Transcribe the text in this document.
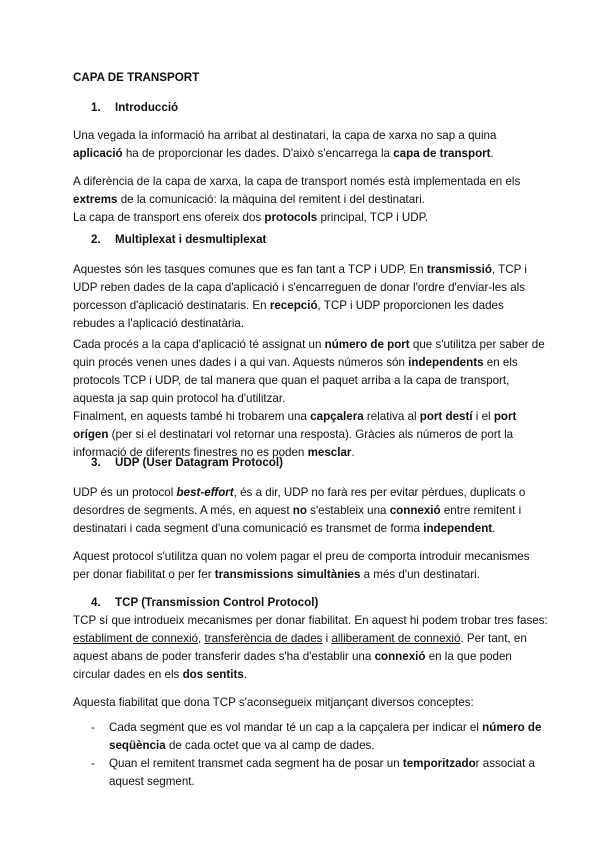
CAPA DE TRANSPORT
1. Introducció
Una vegada la informació ha arribat al destinatari, la capa de xarxa no sap a quina
aplicació ha de proporcionar les dades. D'això s'encarrega la capa de transport.
A diferència de la capa de xarxa, la capa de transport només està implementada en els
extrems de la comunicació: la màquina del remitent i del destinatari.
La capa de transport ens ofereix dos protocols principal, TCP i UDP.
2. Multiplexat i desmultiplexat
Aquestes són les tasques comunes que es fan tant a TCP i UDP. En transmissió, TCP i
UDP reben dades de la capa d'aplicació i s'encarreguen de donar l'ordre d'enviar-les als
porcesson d'aplicació destinataris. En recepció, TCP i UDP proporcionen les dades
rebudes a l'aplicació destinatària.
Cada procés a la capa d'aplicació té assignat un número de port que s'utilitza per saber de
quin procés venen unes dades i a qui van. Aquests números són independents en els
protocols TCP i UDP, de tal manera que quan el paquet arriba a la capa de transport,
aquesta ja sap quin protocol ha d'utilitzar.
Finalment, en aquests també hi trobarem una capçalera relativa al port destí i el port
orígen (per si el destinatari vol retornar una resposta). Gràcies als números de port la
informació de diferents finestres no es poden mesclar.
3. UDP (User Datagram Protocol)
UDP és un protocol best-effort, és a dir, UDP no farà res per evitar pèrdues, duplicats o
desordres de segments. A més, en aquest no s'estableix una connexió entre remitent i
destinatari i cada segment d'una comunicació es transmet de forma independent.
Aquest protocol s'utilitza quan no volem pagar el preu de comporta introduir mecanismes
per donar fiabilitat o per fer transmissions simultànies a més d'un destinatari.
4. TCP (Transmission Control Protocol)
TCP sí que introdueix mecanismes per donar fiabilitat. En aquest hi podem trobar tres fases:
establiment de connexió, transferència de dades i alliberament de connexió. Per tant, en
aquest abans de poder transferir dades s'ha d'establir una connexió en la que poden
circular dades en els dos sentits.
Aquesta fiabilitat que dona TCP s'aconsegueix mitjançant diversos conceptes:
- Cada segment que es vol mandar té un cap a la capçalera per indicar el número de
seqüència de cada octet que va al camp de dades.
- Quan el remitent transmet cada segment ha de posar un temporitzador associat a
aquest segment.
